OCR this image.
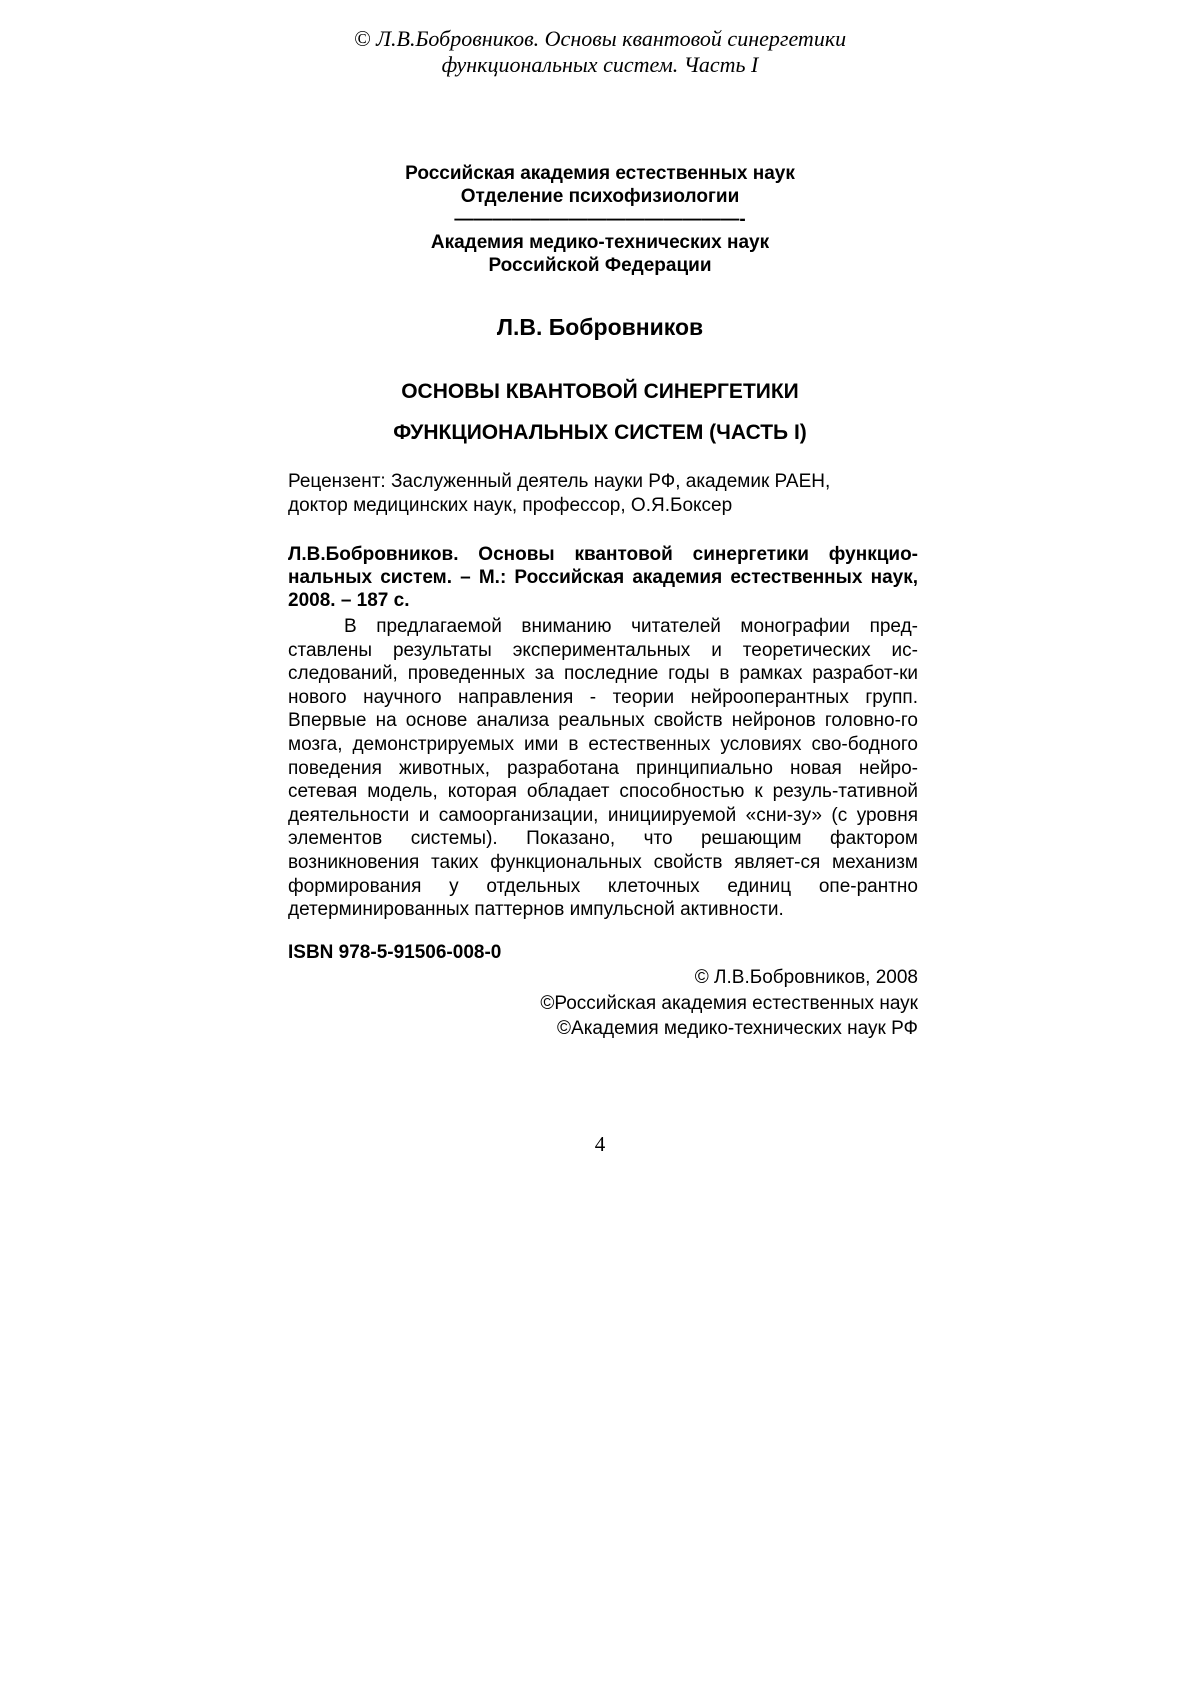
© Л.В.Бобровников. Основы квантовой синергетики
функциональных систем. Часть I
Российская академия естественных наук
Отделение психофизиологии
———————————————-
Академия медико-технических наук
Российской Федерации
Л.В. Бобровников
ОСНОВЫ КВАНТОВОЙ СИНЕРГЕТИКИ
ФУНКЦИОНАЛЬНЫХ СИСТЕМ (ЧАСТЬ I)
Рецензент: Заслуженный деятель науки РФ, академик РАЕН,
доктор медицинских наук, профессор, О.Я.Боксер
Л.В.Бобровников. Основы квантовой синергетики функцио-нальных систем. – М.: Российская академия естественных наук, 2008. – 187 с.
В предлагаемой вниманию читателей монографии пред-ставлены результаты экспериментальных и теоретических ис-следований, проведенных за последние годы в рамках разработ-ки нового научного направления - теории нейрооперантных групп. Впервые на основе анализа реальных свойств нейронов головно-го мозга, демонстрируемых ими в естественных условиях сво-бодного поведения животных, разработана принципиально новая нейро-сетевая модель, которая обладает способностью к резуль-тативной деятельности и самоорганизации, инициируемой «сни-зу» (с уровня элементов системы). Показано, что решающим фактором возникновения таких функциональных свойств являет-ся механизм формирования у отдельных клеточных единиц опе-рантно детерминированных паттернов импульсной активности.
ISBN 978-5-91506-008-0
© Л.В.Бобровников, 2008
©Российская академия естественных наук
©Академия медико-технических наук РФ
4
